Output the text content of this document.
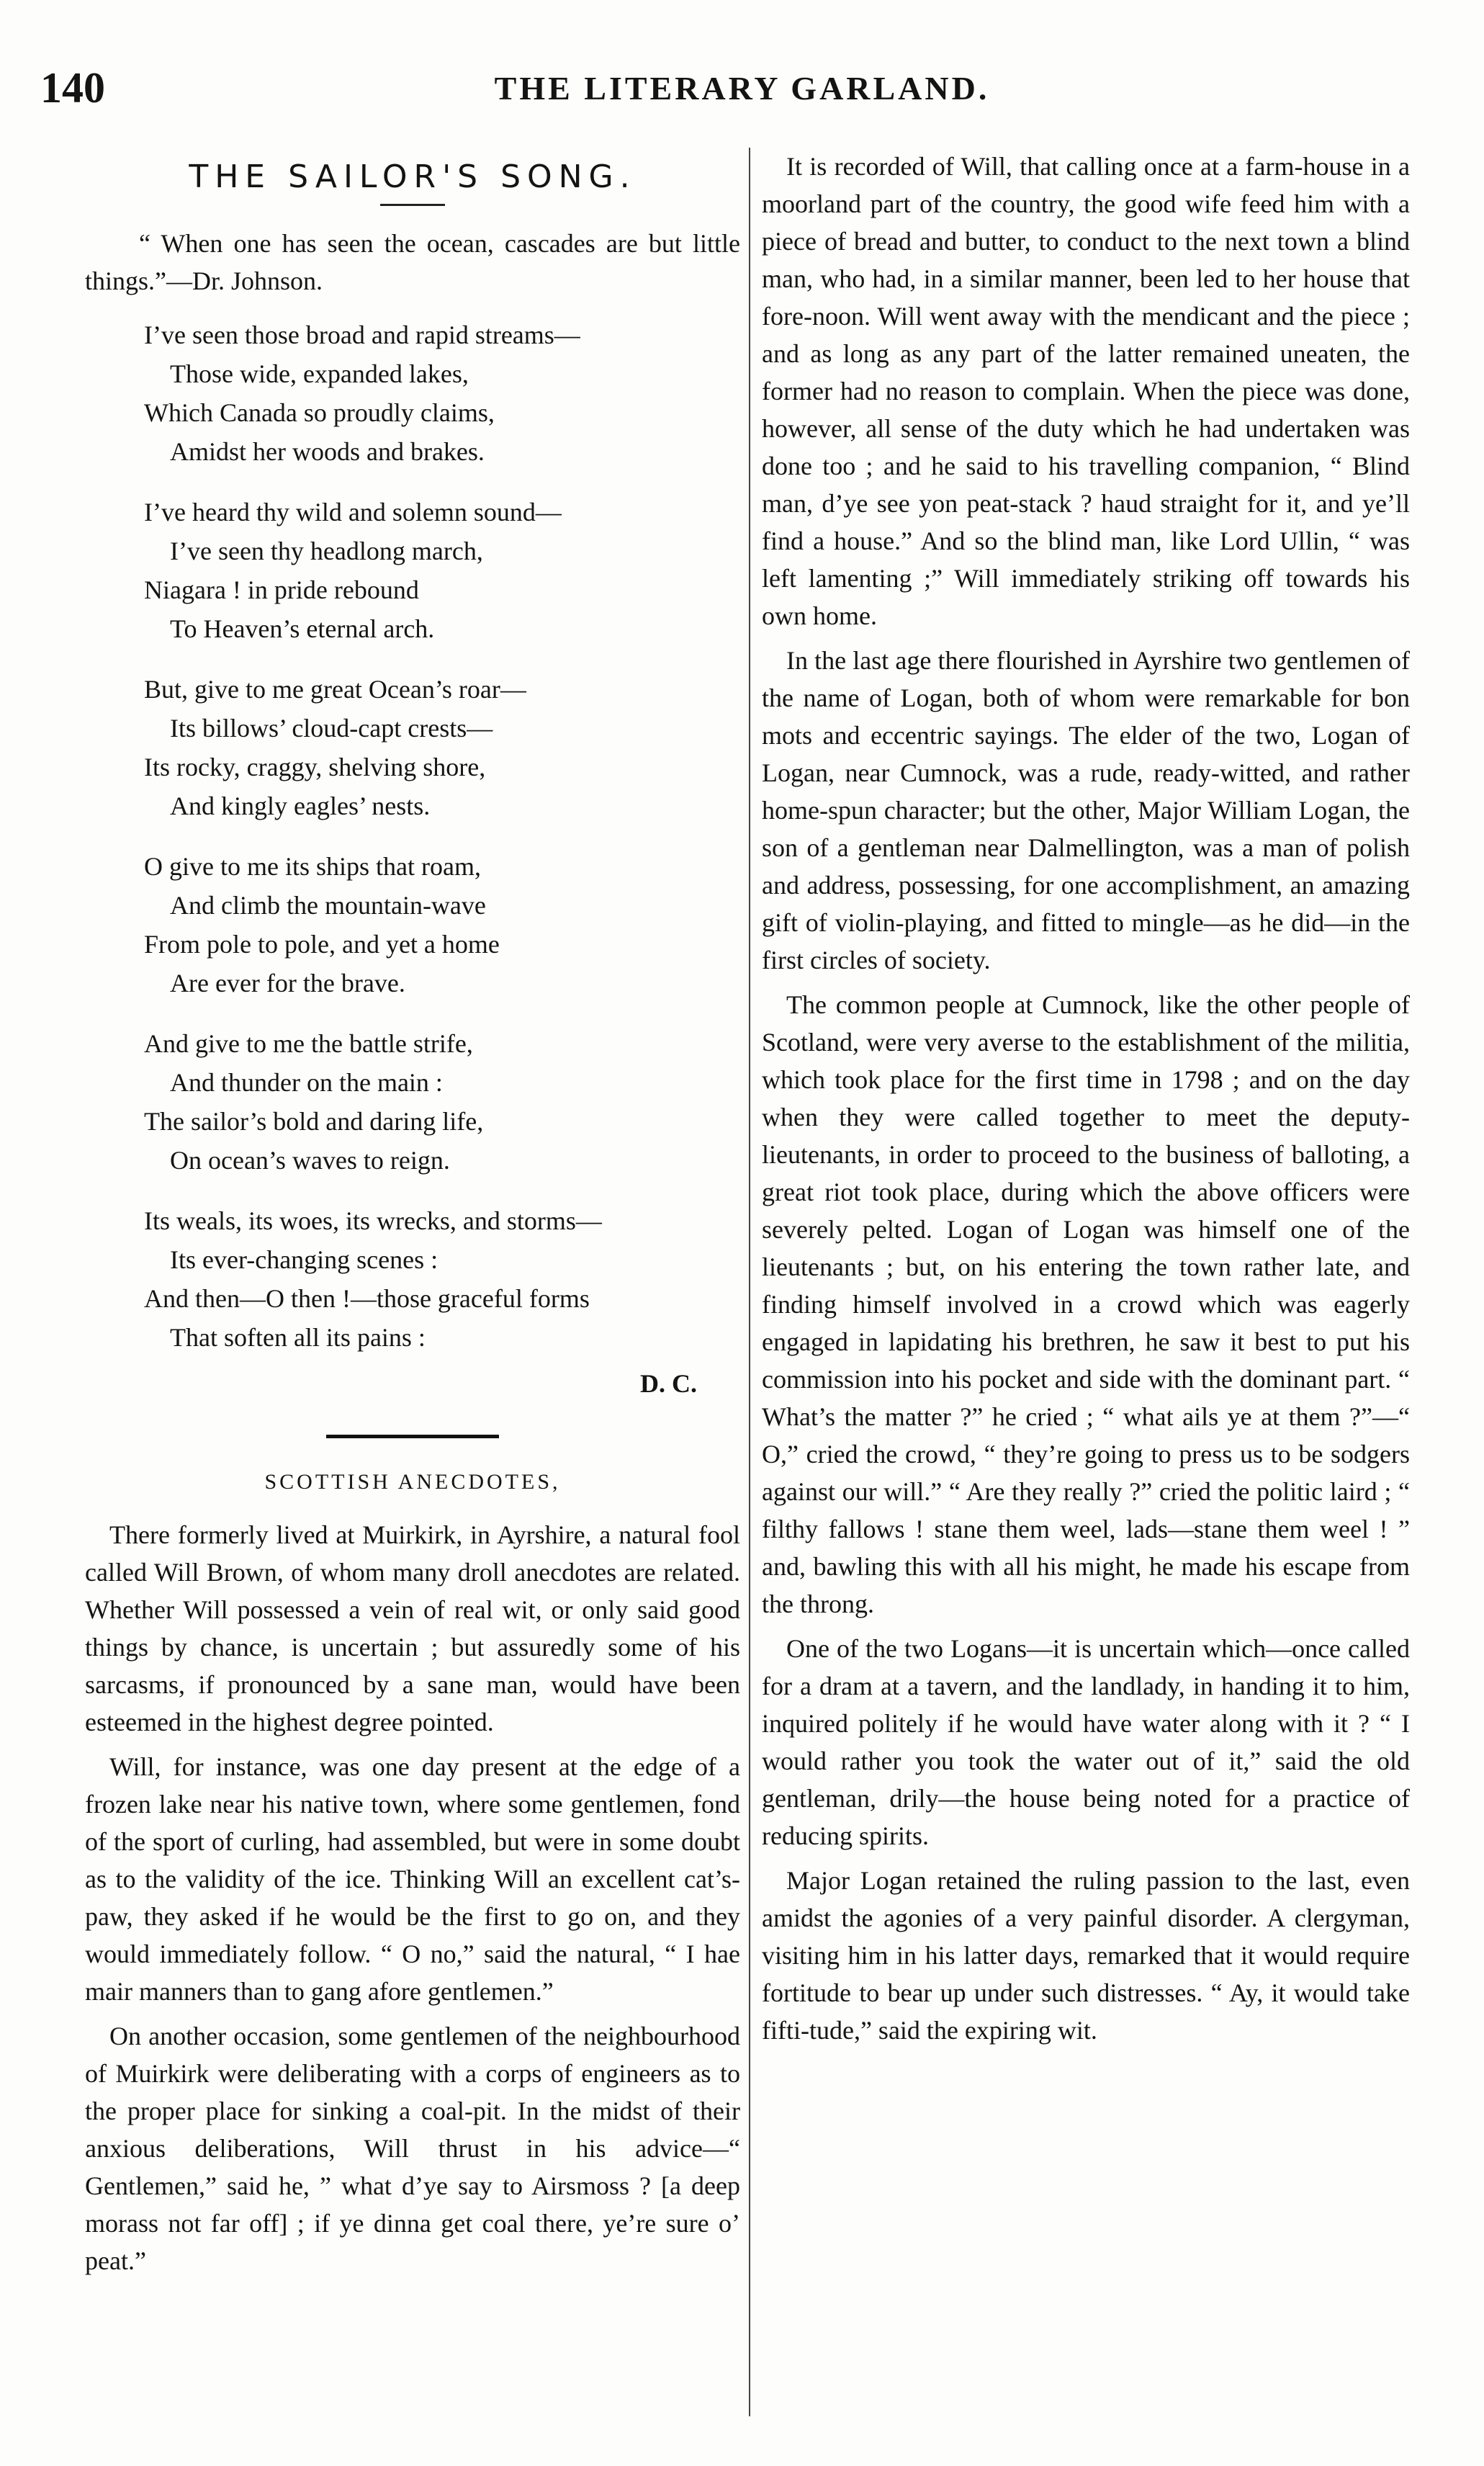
140	THE LITERARY GARLAND.
THE SAILOR'S SONG.

“ When one has seen the ocean, cascades are but little things.”—Dr. Johnson.

I’ve seen those broad and rapid streams—
Those wide, expanded lakes,
Which Canada so proudly claims,
Amidst her woods and brakes.
I’ve heard thy wild and solemn sound—
I’ve seen thy headlong march,
Niagara ! in pride rebound
To Heaven’s eternal arch.
But, give to me great Ocean’s roar—
Its billows’ cloud-capt crests—
Its rocky, craggy, shelving shore,
And kingly eagles’ nests.
O give to me its ships that roam,
And climb the mountain-wave
From pole to pole, and yet a home
Are ever for the brave.
And give to me the battle strife,
And thunder on the main :
The sailor’s bold and daring life,
On ocean’s waves to reign.
Its weals, its woes, its wrecks, and storms—
Its ever-changing scenes :
And then—O then !—those graceful forms
That soften all its pains :
D. C.
SCOTTISH ANECDOTES,

There formerly lived at Muirkirk, in Ayrshire, a natural fool called Will Brown, of whom many droll anecdotes are related. Whether Will possessed a vein of real wit, or only said good things by chance, is uncertain ; but assuredly some of his sarcasms, if pronounced by a sane man, would have been esteemed in the highest degree pointed.

Will, for instance, was one day present at the edge of a frozen lake near his native town, where some gentlemen, fond of the sport of curling, had assembled, but were in some doubt as to the validity of the ice. Thinking Will an excellent cat’s-paw, they asked if he would be the first to go on, and they would immediately follow. “ O no,” said the natural, “ I hae mair manners than to gang afore gentlemen.”

On another occasion, some gentlemen of the neighbourhood of Muirkirk were deliberating with a corps of engineers as to the proper place for sinking a coal-pit. In the midst of their anxious deliberations, Will thrust in his advice—“ Gentlemen,” said he, ” what d’ye say to Airsmoss ? [a deep morass not far off] ; if ye dinna get coal there, ye’re sure o’ peat.”

It is recorded of Will, that calling once at a farm-house in a moorland part of the country, the good wife feed him with a piece of bread and butter, to conduct to the next town a blind man, who had, in a similar manner, been led to her house that fore-noon. Will went away with the mendicant and the piece ; and as long as any part of the latter remained uneaten, the former had no reason to complain. When the piece was done, however, all sense of the duty which he had undertaken was done too ; and he said to his travelling companion, “ Blind man, d’ye see yon peat-stack ? haud straight for it, and ye’ll find a house.” And so the blind man, like Lord Ullin, “ was left lamenting ;” Will immediately striking off towards his own home.

In the last age there flourished in Ayrshire two gentlemen of the name of Logan, both of whom were remarkable for bon mots and eccentric sayings. The elder of the two, Logan of Logan, near Cumnock, was a rude, ready-witted, and rather home-spun character; but the other, Major William Logan, the son of a gentleman near Dalmellington, was a man of polish and address, possessing, for one accomplishment, an amazing gift of violin-playing, and fitted to mingle—as he did—in the first circles of society.

The common people at Cumnock, like the other people of Scotland, were very averse to the establishment of the militia, which took place for the first time in 1798 ; and on the day when they were called together to meet the deputy-lieutenants, in order to proceed to the business of balloting, a great riot took place, during which the above officers were severely pelted. Logan of Logan was himself one of the lieutenants ; but, on his entering the town rather late, and finding himself involved in a crowd which was eagerly engaged in lapidating his brethren, he saw it best to put his commission into his pocket and side with the dominant part. “ What’s the matter ?” he cried ; “ what ails ye at them ?”—“ O,” cried the crowd, “ they’re going to press us to be sodgers against our will.” “ Are they really ?” cried the politic laird ; “ filthy fallows ! stane them weel, lads—stane them weel ! ” and, bawling this with all his might, he made his escape from the throng.

One of the two Logans—it is uncertain which—once called for a dram at a tavern, and the landlady, in handing it to him, inquired politely if he would have water along with it ? “ I would rather you took the water out of it,” said the old gentleman, drily—the house being noted for a practice of reducing spirits.

Major Logan retained the ruling passion to the last, even amidst the agonies of a very painful disorder. A clergyman, visiting him in his latter days, remarked that it would require fortitude to bear up under such distresses. “ Ay, it would take fifti-tude,” said the expiring wit.
